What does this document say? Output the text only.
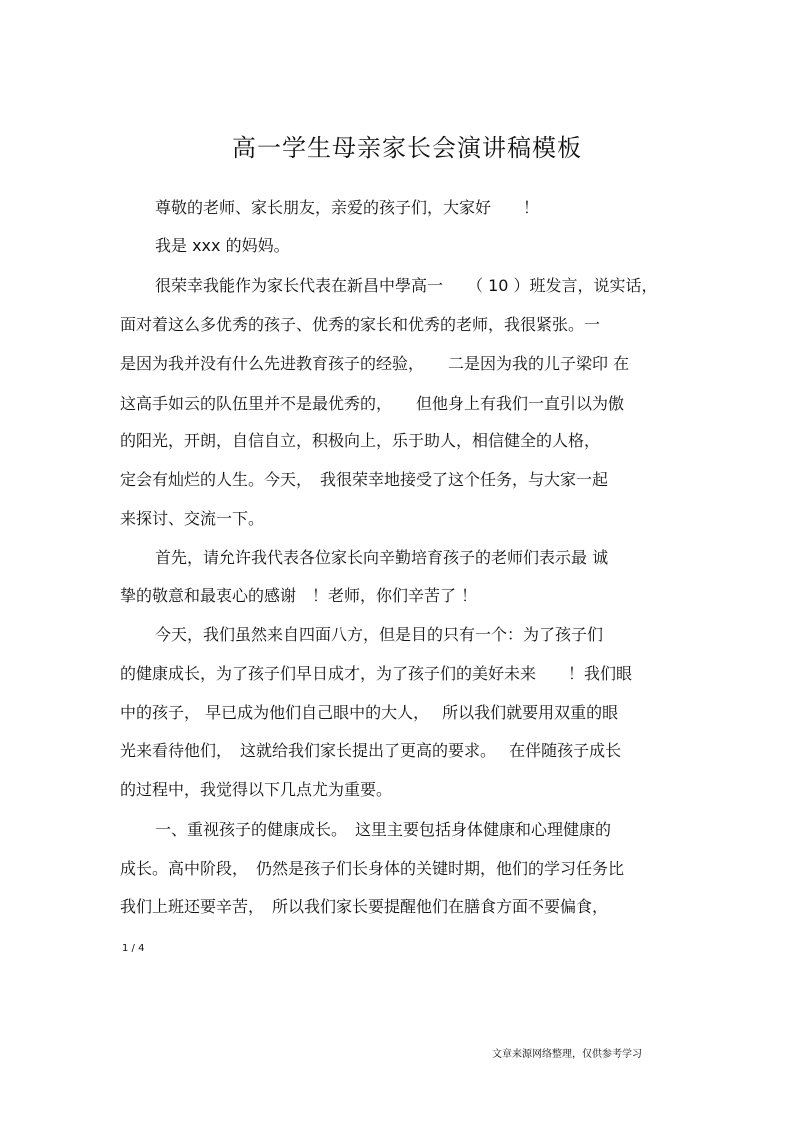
高一学生母亲家长会演讲稿模板
尊敬的老师、家长朋友，亲爱的孩子们，大家好　　！
我是 xxx 的妈妈。
很荣幸我能作为家长代表在新昌中學高一　　（ 10 ）班发言，说实话，
面对着这么多优秀的孩子、优秀的家长和优秀的老师，我很紧张。一
是因为我并没有什么先进教育孩子的经验，　　二是因为我的儿子梁印 在
这高手如云的队伍里并不是最优秀的，　　但他身上有我们一直引以为傲
的阳光，开朗，自信自立，积极向上，乐于助人，相信健全的人格，
定会有灿烂的人生。今天，　我很荣幸地接受了这个任务，与大家一起
来探讨、交流一下。
首先，请允许我代表各位家长向辛勤培育孩子的老师们表示最 诚
挚的敬意和最衷心的感谢　！老师，你们辛苦了 ！
今天，我们虽然来自四面八方，但是目的只有一个：为了孩子们
的健康成长，为了孩子们早日成才，为了孩子们的美好未来　　！我们眼
中的孩子， 早已成为他们自己眼中的大人，　 所以我们就要用双重的眼
光来看待他们，　这就给我们家长提出了更高的要求。　 在伴随孩子成长
的过程中，我觉得以下几点尤为重要。
一、重视孩子的健康成长。　这里主要包括身体健康和心理健康的
成长。高中阶段，　仍然是孩子们长身体的关键时期，他们的学习任务比
我们上班还要辛苦，　所以我们家长要提醒他们在膳食方面不要偏食，
1 / 4
文章来源网络整理，仅供参考学习
